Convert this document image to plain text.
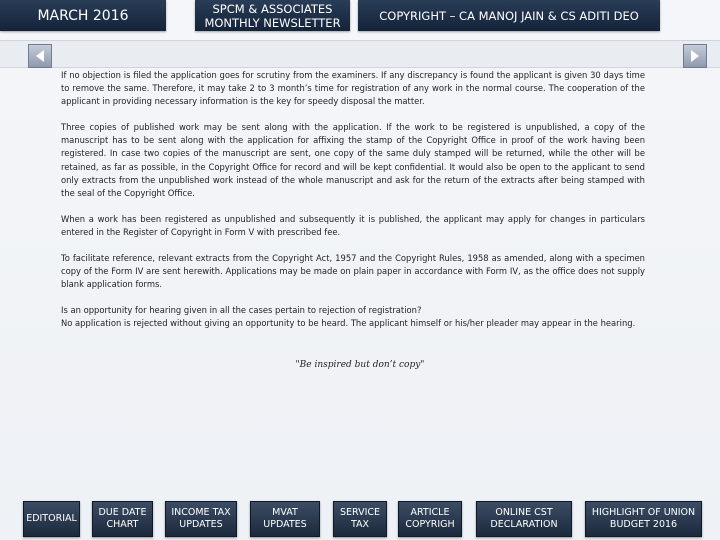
MARCH 2016	SPCM & ASSOCIATES
MONTHLY NEWSLETTER	COPYRIGHT – CA MANOJ JAIN & CS ADITI DEO

If no objection is filed the application goes for scrutiny from the examiners. If any discrepancy is found the applicant is given 30 days time to remove the same. Therefore, it may take 2 to 3 month’s time for registration of any work in the normal course. The cooperation of the applicant in providing necessary information is the key for speedy disposal the matter.

Three copies of published work may be sent along with the application. If the work to be registered is unpublished, a copy of the manuscript has to be sent along with the application for affixing the stamp of the Copyright Office in proof of the work having been registered. In case two copies of the manuscript are sent, one copy of the same duly stamped will be returned, while the other will be retained, as far as possible, in the Copyright Office for record and will be kept confidential. It would also be open to the applicant to send only extracts from the unpublished work instead of the whole manuscript and ask for the return of the extracts after being stamped with the seal of the Copyright Office.

When a work has been registered as unpublished and subsequently it is published, the applicant may apply for changes in particulars entered in the Register of Copyright in Form V with prescribed fee.

To facilitate reference, relevant extracts from the Copyright Act, 1957 and the Copyright Rules, 1958 as amended, along with a specimen copy of the Form IV are sent herewith. Applications may be made on plain paper in accordance with Form IV, as the office does not supply blank application forms.

Is an opportunity for hearing given in all the cases pertain to rejection of registration?

No application is rejected without giving an opportunity to be heard. The applicant himself or his/her pleader may appear in the hearing.

"Be inspired but don’t copy"
EDITORIAL
DUE DATE
CHART
INCOME TAX
UPDATES
MVAT
UPDATES
SERVICE
TAX
ARTICLE
COPYRIGH
ONLINE CST
DECLARATION
HIGHLIGHT OF UNION
BUDGET 2016
